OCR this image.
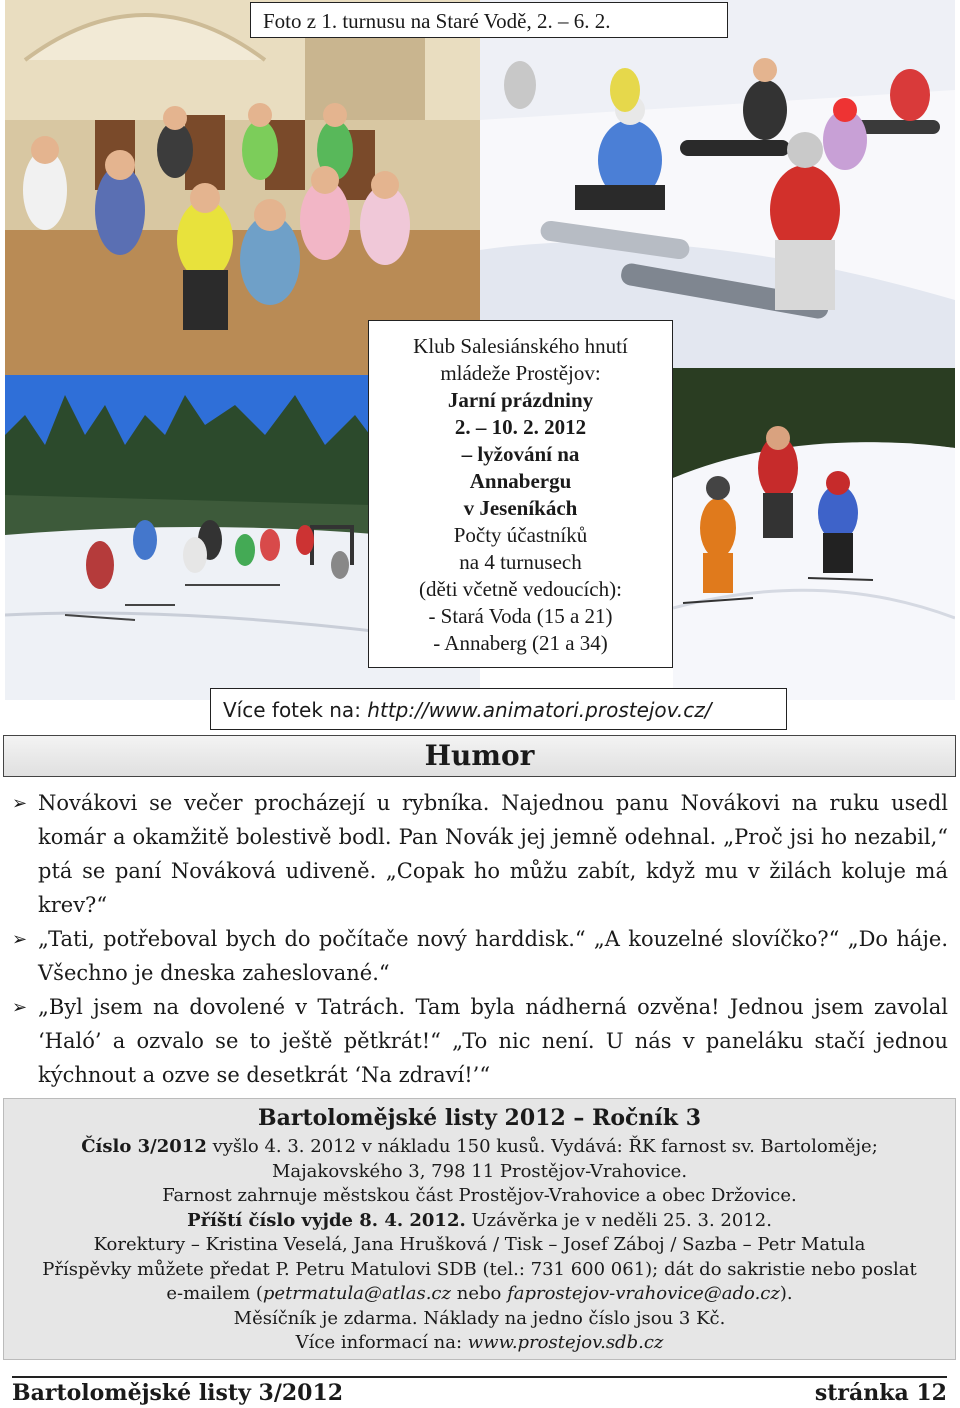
Foto z 1. turnusu na Staré Vodě, 2. – 6. 2.
Klub Salesiánského hnutí
mládeže Prostějov:
Jarní prázdniny
2. – 10. 2. 2012
– lyžování na
Annabergu
v Jeseníkách
Počty účastníků
na 4 turnusech
(děti včetně vedoucích):
- Stará Voda (15 a 21)
- Annaberg (21 a 34)
Více fotek na: http://www.animatori.prostejov.cz/
Humor
➢ Novákovi se večer procházejí u rybníka. Najednou panu Novákovi na ruku usedl komár a okamžitě bolestivě bodl. Pan Novák jej jemně odehnal. „Proč jsi ho nezabil,“ ptá se paní Nováková udiveně. „Copak ho můžu zabít, když mu v žilách koluje má krev?“
➢ „Tati, potřeboval bych do počítače nový harddisk.“ „A kouzelné slovíčko?“ „Do háje. Všechno je dneska zaheslované.“
➢ „Byl jsem na dovolené v Tatrách. Tam byla nádherná ozvěna! Jednou jsem zavolal ‘Haló’ a ozvalo se to ještě pětkrát!“ „To nic není. U nás v paneláku stačí jednou kýchnout a ozve se desetkrát ‘Na zdraví!’“
Bartolomějské listy 2012 – Ročník 3
Číslo 3/2012 vyšlo 4. 3. 2012 v nákladu 150 kusů. Vydává: ŘK farnost sv. Bartoloměje;
Majakovského 3, 798 11 Prostějov-Vrahovice.
Farnost zahrnuje městskou část Prostějov-Vrahovice a obec Držovice.
Příští číslo vyjde 8. 4. 2012. Uzávěrka je v neděli 25. 3. 2012.
Korektury – Kristina Veselá, Jana Hrušková / Tisk – Josef Záboj / Sazba – Petr Matula
Příspěvky můžete předat P. Petru Matulovi SDB (tel.: 731 600 061); dát do sakristie nebo poslat
e-mailem (petrmatula@atlas.cz nebo faprostejov-vrahovice@ado.cz).
Měsíčník je zdarma. Náklady na jedno číslo jsou 3 Kč.
Více informací na: www.prostejov.sdb.cz
Bartolomějské listy 3/2012	stránka 12
